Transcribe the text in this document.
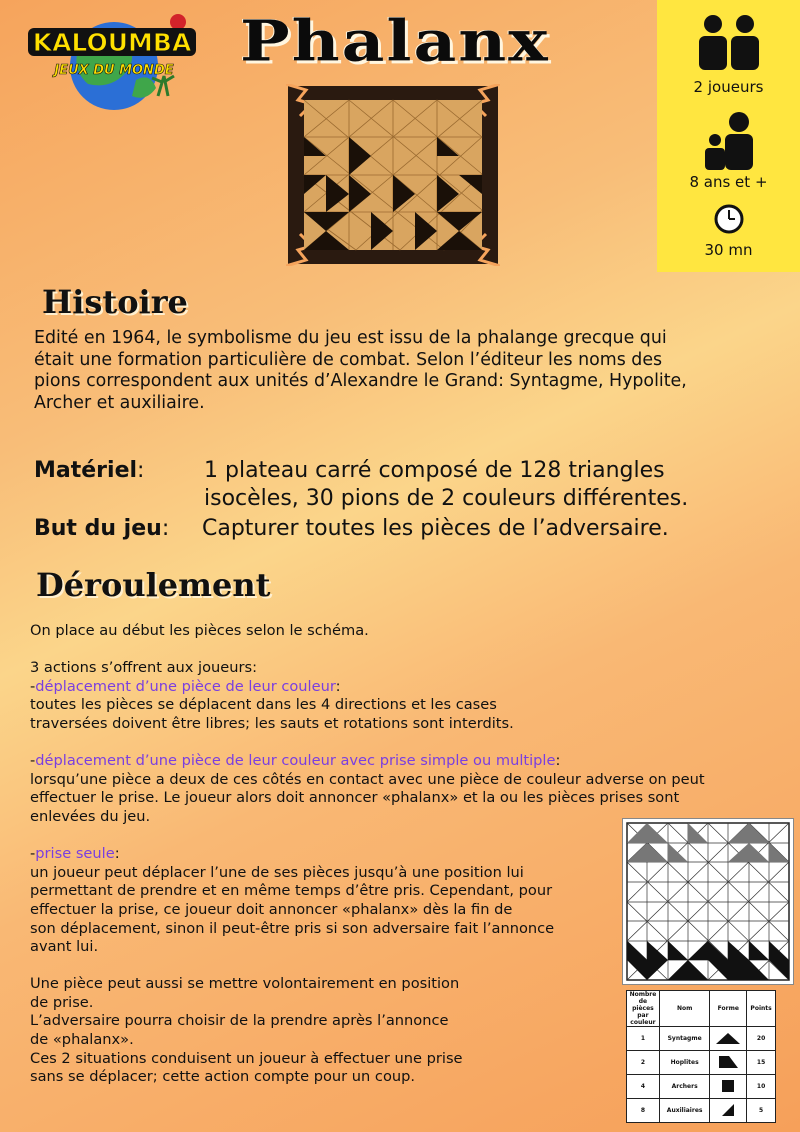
KALOUMBA
JEUX DU MONDE Phalanx
2 joueurs
8 ans et +
30 mn
Histoire
Edité en 1964, le symbolisme du jeu est issu de la phalange grecque qui
était une formation particulière de combat. Selon l’éditeur les noms des
pions correspondent aux unités d’Alexandre le Grand: Syntagme, Hypolite,
Archer et auxiliaire.
Matériel:	1 plateau carré composé de 128 triangles
isocèles, 30 pions de 2 couleurs différentes.
But du jeu: Capturer toutes les pièces de l’adversaire.
Déroulement

On place au début les pièces selon le schéma.

3 actions s’offrent aux joueurs:

-déplacement d’une pièce de leur couleur:

toutes les pièces se déplacent dans les 4 directions et les cases

traversées doivent être libres; les sauts et rotations sont interdits.

-déplacement d’une pièce de leur couleur avec prise simple ou multiple:

lorsqu’une pièce a deux de ces côtés en contact avec une pièce de couleur adverse on peut

effectuer le prise. Le joueur alors doit annoncer «phalanx» et la ou les pièces prises sont

enlevées du jeu.

-prise seule:

un joueur peut déplacer l’une de ses pièces jusqu’à une position lui

permettant de prendre et en même temps d’être pris. Cependant, pour

effectuer la prise, ce joueur doit annoncer «phalanx» dès la fin de

son déplacement, sinon il peut-être pris si son adversaire fait l’annonce

avant lui.

Une pièce peut aussi se mettre volontairement en position

de prise.

L’adversaire pourra choisir de la prendre après l’annonce

de «phalanx».

Ces 2 situations conduisent un joueur à effectuer une prise

sans se déplacer; cette action compte pour un coup.

Nombre de pièces par couleur	Nom	Forme	Points
1	Syntagme		20
2	Hoplites		15
4	Archers		10
8	Auxiliaires		5
